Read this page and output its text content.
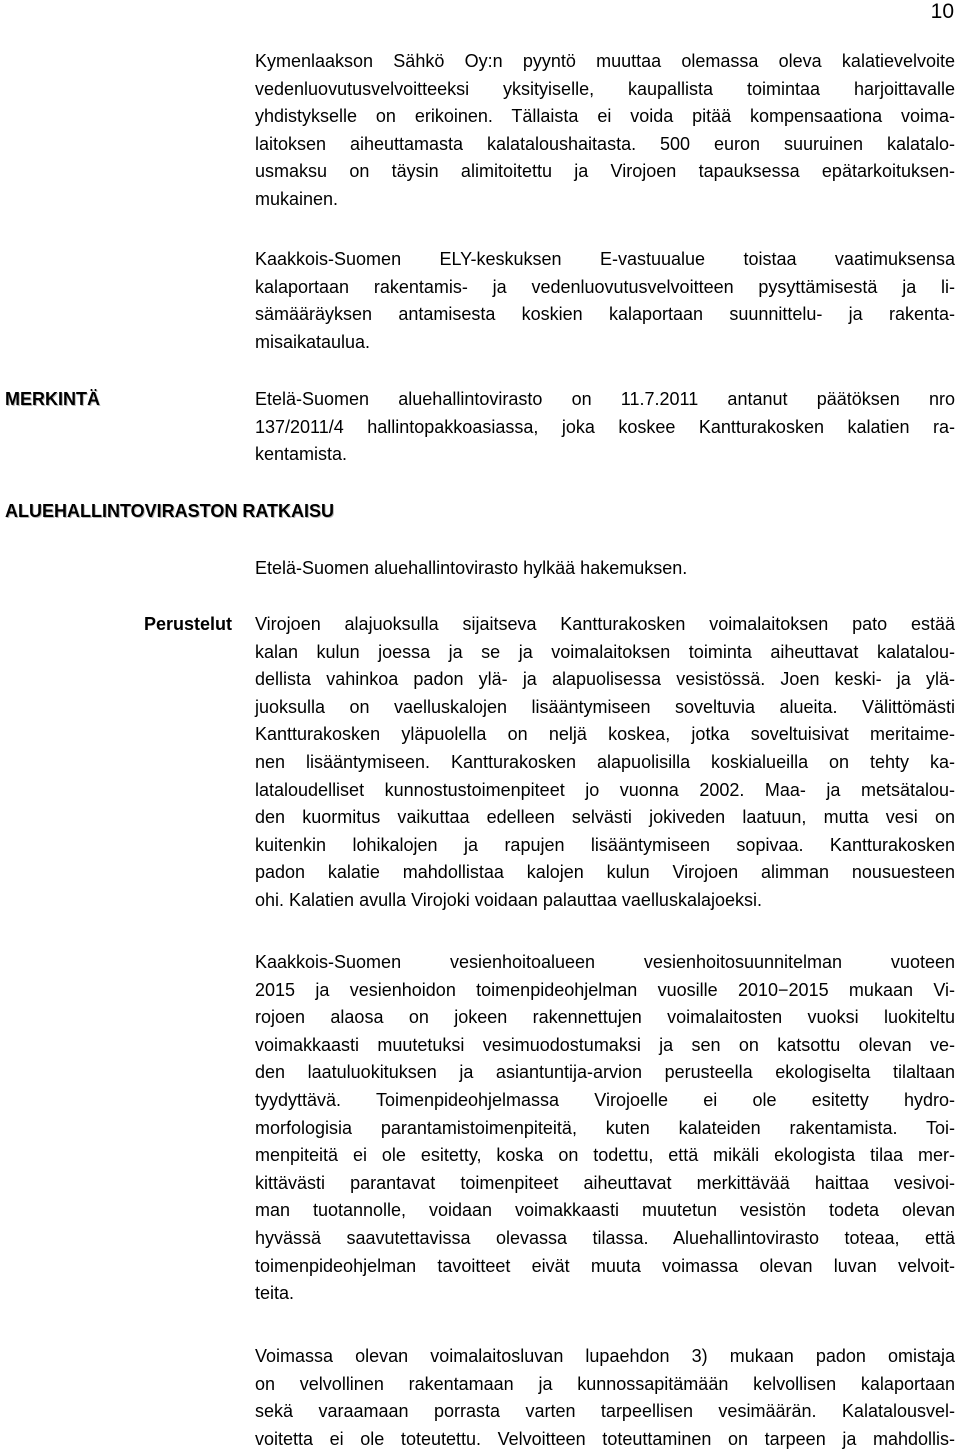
10
Kymenlaakson Sähkö Oy:n pyyntö muuttaa olemassa oleva kalatievelvoite
vedenluovutusvelvoitteeksi yksityiselle, kaupallista toimintaa harjoittavalle
yhdistykselle on erikoinen. Tällaista ei voida pitää kompensaationa voima-
laitoksen aiheuttamasta kalataloushaitasta. 500 euron suuruinen kalatalo-
usmaksu on täysin alimitoitettu ja Virojoen tapauksessa epätarkoituksen-
mukainen.
Kaakkois-Suomen ELY-keskuksen E-vastuualue toistaa vaatimuksensa
kalaportaan rakentamis- ja vedenluovutusvelvoitteen pysyttämisestä ja li-
sämääräyksen antamisesta koskien kalaportaan suunnittelu- ja rakenta-
misaikataulua.
MERKINTÄ	Etelä-Suomen aluehallintovirasto on 11.7.2011 antanut päätöksen nro
137/2011/4 hallintopakkoasiassa, joka koskee Kantturakosken kalatien ra-
kentamista.
ALUEHALLINTOVIRASTON RATKAISU
Etelä-Suomen aluehallintovirasto hylkää hakemuksen.
Perustelut Virojoen alajuoksulla sijaitseva Kantturakosken voimalaitoksen pato estää
kalan kulun joessa ja se ja voimalaitoksen toiminta aiheuttavat kalatalou-
dellista vahinkoa padon ylä- ja alapuolisessa vesistössä. Joen keski- ja ylä-
juoksulla on vaelluskalojen lisääntymiseen soveltuvia alueita. Välittömästi
Kantturakosken yläpuolella on neljä koskea, jotka soveltuisivat meritaime-
nen lisääntymiseen. Kantturakosken alapuolisilla koskialueilla on tehty ka-
lataloudelliset kunnostustoimenpiteet jo vuonna 2002. Maa- ja metsätalou-
den kuormitus vaikuttaa edelleen selvästi jokiveden laatuun, mutta vesi on
kuitenkin lohikalojen ja rapujen lisääntymiseen sopivaa. Kantturakosken
padon kalatie mahdollistaa kalojen kulun Virojoen alimman nousuesteen
ohi. Kalatien avulla Virojoki voidaan palauttaa vaelluskalajoeksi.
Kaakkois-Suomen vesienhoitoalueen vesienhoitosuunnitelman vuoteen
2015 ja vesienhoidon toimenpideohjelman vuosille 2010−2015 mukaan Vi-
rojoen alaosa on jokeen rakennettujen voimalaitosten vuoksi luokiteltu
voimakkaasti muutetuksi vesimuodostumaksi ja sen on katsottu olevan ve-
den laatuluokituksen ja asiantuntija-arvion perusteella ekologiselta tilaltaan
tyydyttävä. Toimenpideohjelmassa Virojoelle ei ole esitetty hydro-
morfologisia parantamistoimenpiteitä, kuten kalateiden rakentamista. Toi-
menpiteitä ei ole esitetty, koska on todettu, että mikäli ekologista tilaa mer-
kittävästi parantavat toimenpiteet aiheuttavat merkittävää haittaa vesivoi-
man tuotannolle, voidaan voimakkaasti muutetun vesistön todeta olevan
hyvässä saavutettavissa olevassa tilassa. Aluehallintovirasto toteaa, että
toimenpideohjelman tavoitteet eivät muuta voimassa olevan luvan velvoit-
teita.
Voimassa olevan voimalaitosluvan lupaehdon 3) mukaan padon omistaja
on velvollinen rakentamaan ja kunnossapitämään kelvollisen kalaportaan
sekä varaamaan porrasta varten tarpeellisen vesimäärän. Kalatalousvel-
voitetta ei ole toteutettu. Velvoitteen toteuttaminen on tarpeen ja mahdollis-
